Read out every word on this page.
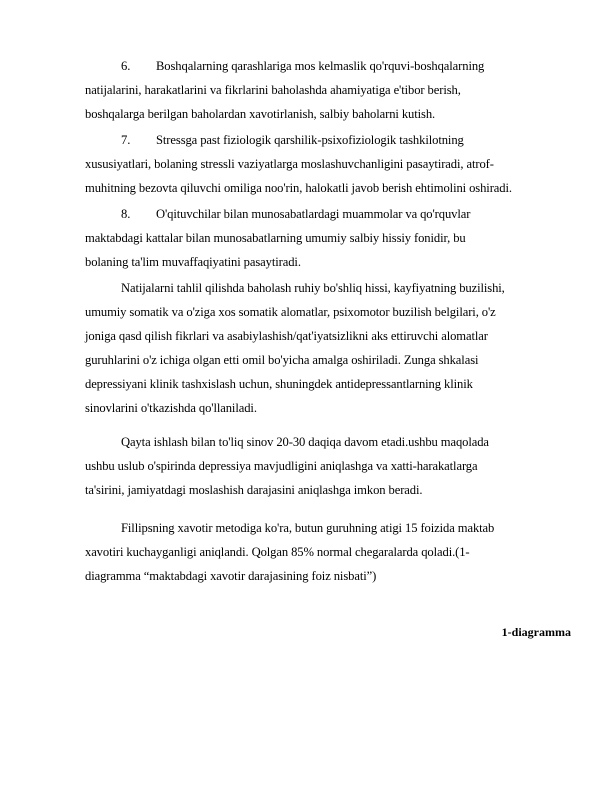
6. Boshqalarning qarashlariga mos kelmaslik qo'rquvi-boshqalarning
natijalarini, harakatlarini va fikrlarini baholashda ahamiyatiga e'tibor berish,
boshqalarga berilgan baholardan xavotirlanish, salbiy baholarni kutish.
7. Stressga past fiziologik qarshilik-psixofiziologik tashkilotning
xususiyatlari, bolaning stressli vaziyatlarga moslashuvchanligini pasaytiradi, atrof-
muhitning bezovta qiluvchi omiliga noo'rin, halokatli javob berish ehtimolini oshiradi.
8. O'qituvchilar bilan munosabatlardagi muammolar va qo'rquvlar
maktabdagi kattalar bilan munosabatlarning umumiy salbiy hissiy fonidir, bu
bolaning ta'lim muvaffaqiyatini pasaytiradi.
Natijalarni tahlil qilishda baholash ruhiy bo'shliq hissi, kayfiyatning buzilishi,
umumiy somatik va o'ziga xos somatik alomatlar, psixomotor buzilish belgilari, o'z
joniga qasd qilish fikrlari va asabiylashish/qat'iyatsizlikni aks ettiruvchi alomatlar
guruhlarini o'z ichiga olgan etti omil bo'yicha amalga oshiriladi. Zunga shkalasi
depressiyani klinik tashxislash uchun, shuningdek antidepressantlarning klinik
sinovlarini o'tkazishda qo'llaniladi.
Qayta ishlash bilan to'liq sinov 20-30 daqiqa davom etadi.ushbu maqolada
ushbu uslub o'spirinda depressiya mavjudligini aniqlashga va xatti-harakatlarga
ta'sirini, jamiyatdagi moslashish darajasini aniqlashga imkon beradi.
Fillipsning xavotir metodiga ko'ra, butun guruhning atigi 15 foizida maktab
xavotiri kuchayganligi aniqlandi. Qolgan 85% normal chegaralarda qoladi.(1-
diagramma “maktabdagi xavotir darajasining foiz nisbati”)
1-diagramma
